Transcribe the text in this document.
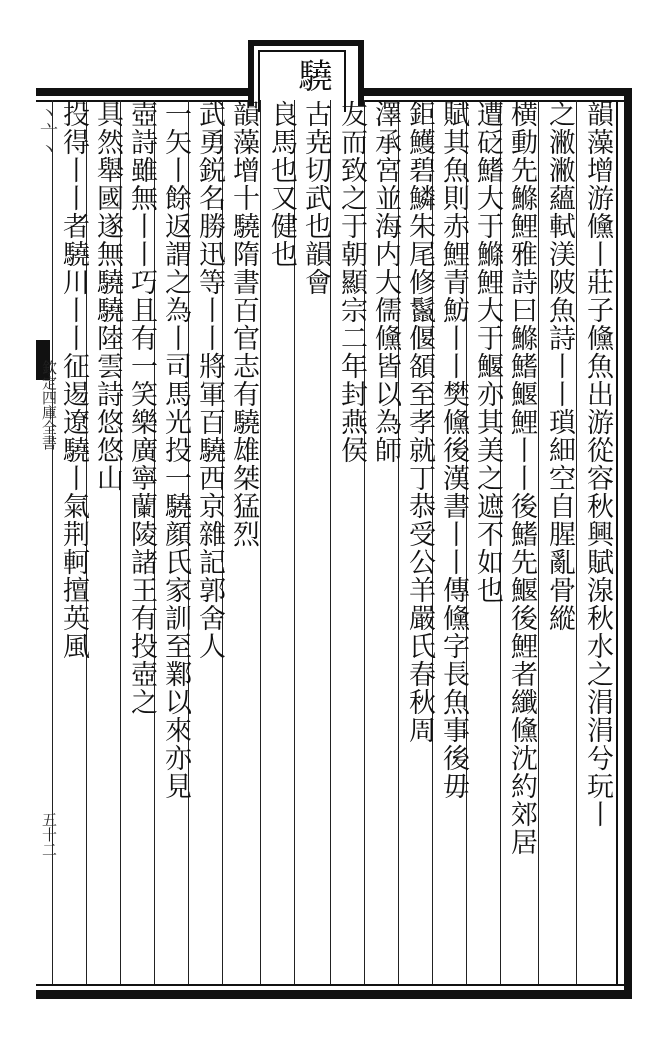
韻藻增游儵丨莊子儵魚出游從容秋興賦湶秋水之涓涓兮玩丨
之潎潎蘊軾渼陂魚詩丨丨瑣細空自腥亂骨縱
横動先鰷鯉雅詩曰鰷鰭鰋鯉丨丨後鰭先鰋後鯉者纖儵沈約郊居
遭砭鰭大于鰷鯉大于鰋亦其美之遮不如也
賦其魚則赤鯉青魴丨丨樊儵後漢書丨丨傳儵字長魚事後毋
鉅鱯碧鱗朱尾修鬣偃頟至孝就丁恭受公羊嚴氏春秋周
澤承宮並海内大儒儵皆以為師
友而致之于朝顯宗二年封燕侯
驍
古尭切武也韻會
良馬也又健也
韻藻增十驍隋書百官志有驍雄桀猛烈
武勇鋭名勝迅等丨丨將軍百驍西京雜記郭舍人
一矢丨餘返謂之為丨司馬光投一驍顔氏家訓至鄴以來亦見
壺詩雖無丨丨巧且有一笑樂廣寧蘭陵諸王有投壺之
具然舉國遂無驍驍陸雲詩悠悠山
投得丨丨者驍川丨丨征逷遼驍丨氣荆軻擅英風
丶亠丶
欽定四庫全書
五十二
